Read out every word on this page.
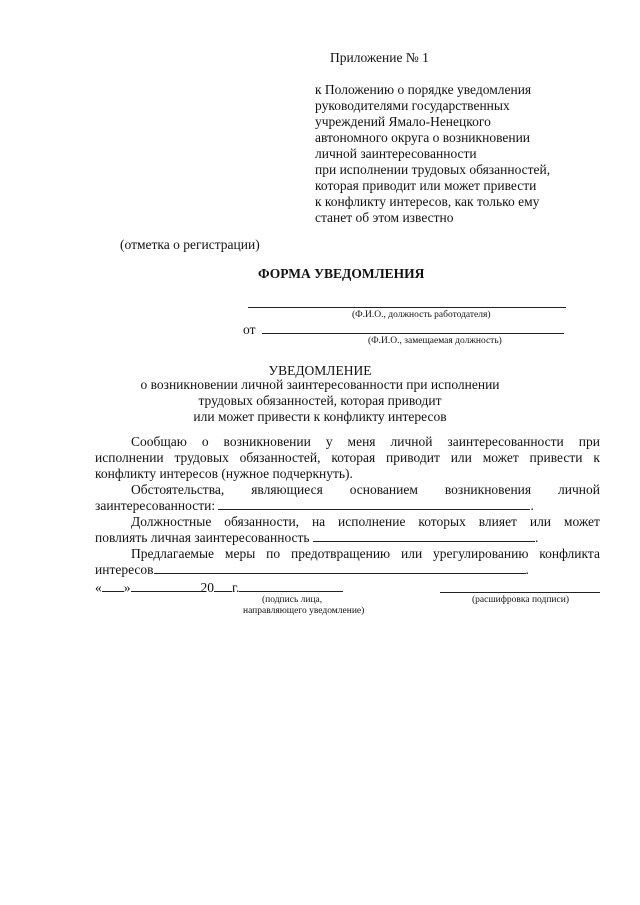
Приложение № 1
к Положению о порядке уведомления
руководителями государственных
учреждений Ямало-Ненецкого
автономного округа о возникновении
личной заинтересованности
при исполнении трудовых обязанностей,
которая приводит или может привести
к конфликту интересов, как только ему
станет об этом известно
(отметка о регистрации)
ФОРМА УВЕДОМЛЕНИЯ
(Ф.И.О., должность работодателя)
от
(Ф.И.О., замещаемая должность)
УВЕДОМЛЕНИЕ
о возникновении личной заинтересованности при исполнении
трудовых обязанностей, которая приводит
или может привести к конфликту интересов
Сообщаю о возникновении у меня личной заинтересованности при
исполнении трудовых обязанностей, которая приводит или может привести к
конфликту интересов (нужное подчеркнуть).
Обстоятельства, являющиеся основанием возникновения личной
заинтересованности:	.
Должностные обязанности, на исполнение которых влияет или может
повлиять личная заинтересованность	.
Предлагаемые меры по предотвращению или урегулированию конфликта
интересов	.
« »	20 г.
(подпись лица,
направляющего уведомление)
(расшифровка подписи)
